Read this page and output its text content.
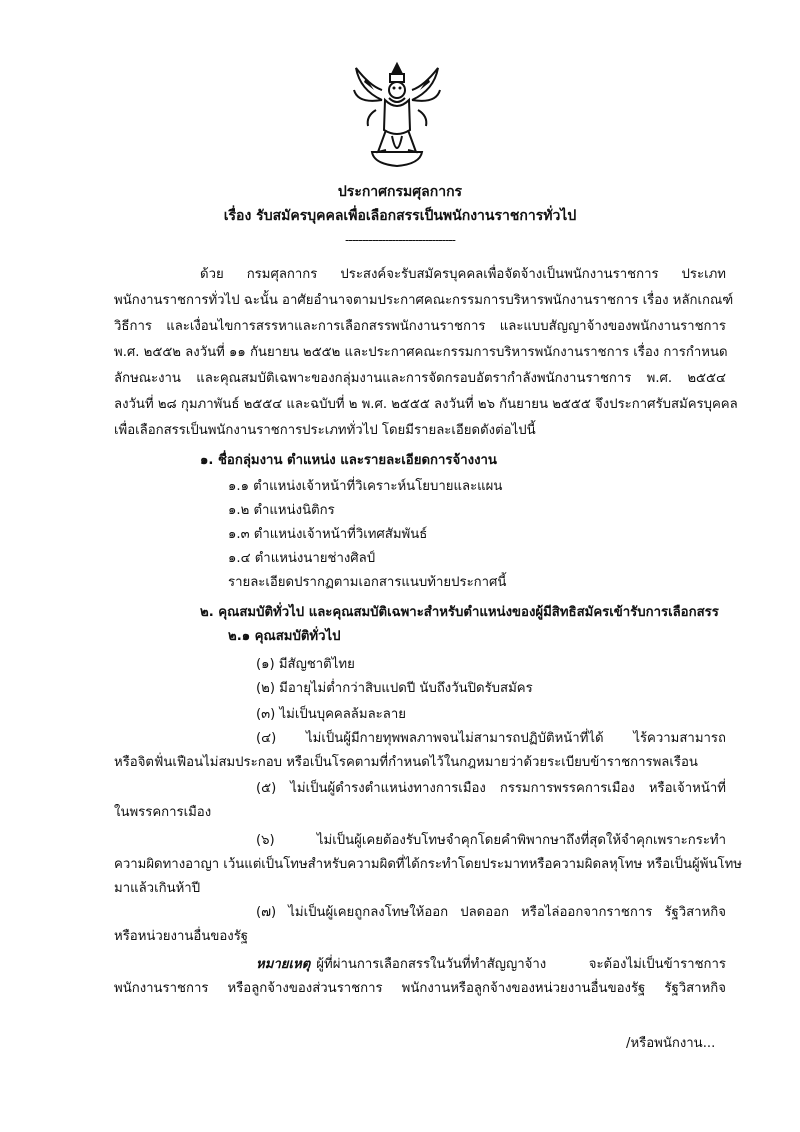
ประกาศกรมศุลกากร
เรื่อง รับสมัครบุคคลเพื่อเลือกสรรเป็นพนักงานราชการทั่วไป
---------------------------------
ด้วย กรมศุลกากร ประสงค์จะรับสมัครบุคคลเพื่อจัดจ้างเป็นพนักงานราชการ ประเภท
พนักงานราชการทั่วไป ฉะนั้น อาศัยอำนาจตามประกาศคณะกรรมการบริหารพนักงานราชการ เรื่อง หลักเกณฑ์
วิธีการ และเงื่อนไขการสรรหาและการเลือกสรรพนักงานราชการ และแบบสัญญาจ้างของพนักงานราชการ
พ.ศ. ๒๕๕๒ ลงวันที่ ๑๑ กันยายน ๒๕๕๒ และประกาศคณะกรรมการบริหารพนักงานราชการ เรื่อง การกำหนด
ลักษณะงาน และคุณสมบัติเฉพาะของกลุ่มงานและการจัดกรอบอัตรากำลังพนักงานราชการ พ.ศ. ๒๕๕๔
ลงวันที่ ๒๘ กุมภาพันธ์ ๒๕๕๔ และฉบับที่ ๒ พ.ศ. ๒๕๕๕ ลงวันที่ ๒๖ กันยายน ๒๕๕๕ จึงประกาศรับสมัครบุคคล
เพื่อเลือกสรรเป็นพนักงานราชการประเภททั่วไป โดยมีรายละเอียดดังต่อไปนี้
๑. ชื่อกลุ่มงาน ตำแหน่ง และรายละเอียดการจ้างงาน
๑.๑ ตำแหน่งเจ้าหน้าที่วิเคราะห์นโยบายและแผน
๑.๒ ตำแหน่งนิติกร
๑.๓ ตำแหน่งเจ้าหน้าที่วิเทศสัมพันธ์
๑.๔ ตำแหน่งนายช่างศิลป์
รายละเอียดปรากฏตามเอกสารแนบท้ายประกาศนี้
๒. คุณสมบัติทั่วไป และคุณสมบัติเฉพาะสำหรับตำแหน่งของผู้มีสิทธิสมัครเข้ารับการเลือกสรร
๒.๑ คุณสมบัติทั่วไป
(๑) มีสัญชาติไทย
(๒) มีอายุไม่ต่ำกว่าสิบแปดปี นับถึงวันปิดรับสมัคร
(๓) ไม่เป็นบุคคลล้มละลาย
(๔) ไม่เป็นผู้มีกายทุพพลภาพจนไม่สามารถปฏิบัติหน้าที่ได้ ไร้ความสามารถ
หรือจิตฟั่นเฟือนไม่สมประกอบ หรือเป็นโรคตามที่กำหนดไว้ในกฎหมายว่าด้วยระเบียบข้าราชการพลเรือน
(๕) ไม่เป็นผู้ดำรงตำแหน่งทางการเมือง กรรมการพรรคการเมือง หรือเจ้าหน้าที่
ในพรรคการเมือง
(๖) ไม่เป็นผู้เคยต้องรับโทษจำคุกโดยคำพิพากษาถึงที่สุดให้จำคุกเพราะกระทำ
ความผิดทางอาญา เว้นแต่เป็นโทษสำหรับความผิดที่ได้กระทำโดยประมาทหรือความผิดลหุโทษ หรือเป็นผู้พ้นโทษ
มาแล้วเกินห้าปี
(๗) ไม่เป็นผู้เคยถูกลงโทษให้ออก ปลดออก หรือไล่ออกจากราชการ รัฐวิสาหกิจ
หรือหน่วยงานอื่นของรัฐ
หมายเหตุ ผู้ที่ผ่านการเลือกสรรในวันที่ทำสัญญาจ้าง จะต้องไม่เป็นข้าราชการ
พนักงานราชการ หรือลูกจ้างของส่วนราชการ พนักงานหรือลูกจ้างของหน่วยงานอื่นของรัฐ รัฐวิสาหกิจ
/หรือพนักงาน...
